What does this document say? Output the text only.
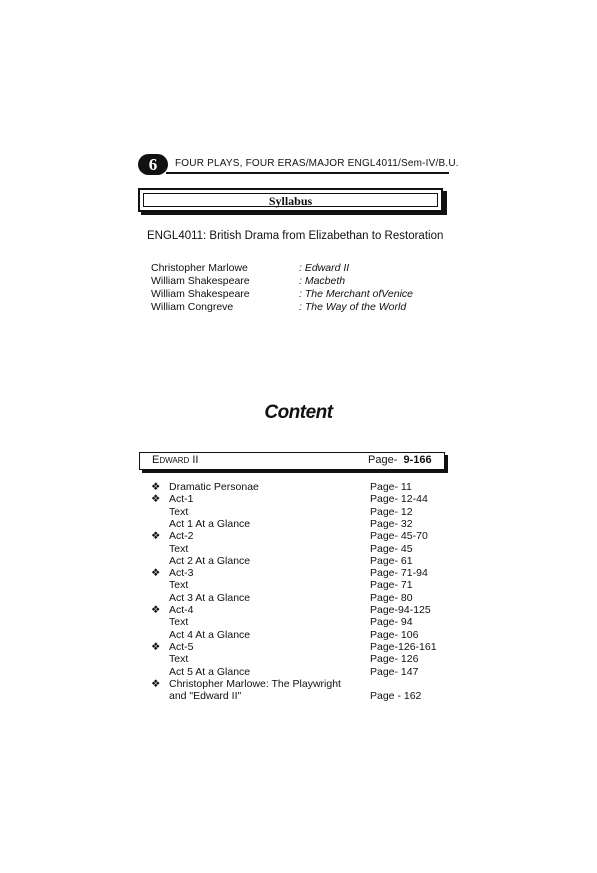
6	FOUR PLAYS, FOUR ERAS/MAJOR ENGL4011/Sem-IV/B.U.
Syllabus
ENGL4011: British Drama from Elizabethan to Restoration
Christopher Marlowe	: Edward II
William Shakespeare	: Macbeth
William Shakespeare	: The Merchant ofVenice
William Congreve	: The Way of the World
Content
Edward II	Page- 9-166
❖ Dramatic Personae	Page- 11
❖ Act-1	Page- 12-44
Text	Page- 12
Act 1 At a Glance	Page- 32
❖ Act-2	Page- 45-70
Text	Page- 45
Act 2 At a Glance	Page- 61
❖ Act-3	Page- 71-94
Text	Page- 71
Act 3 At a Glance	Page- 80
❖ Act-4	Page-94-125
Text	Page- 94
Act 4 At a Glance	Page- 106
❖ Act-5	Page-126-161
Text	Page- 126
Act 5 At a Glance	Page- 147
❖ Christopher Marlowe: The Playwright
and "Edward II"	Page - 162
